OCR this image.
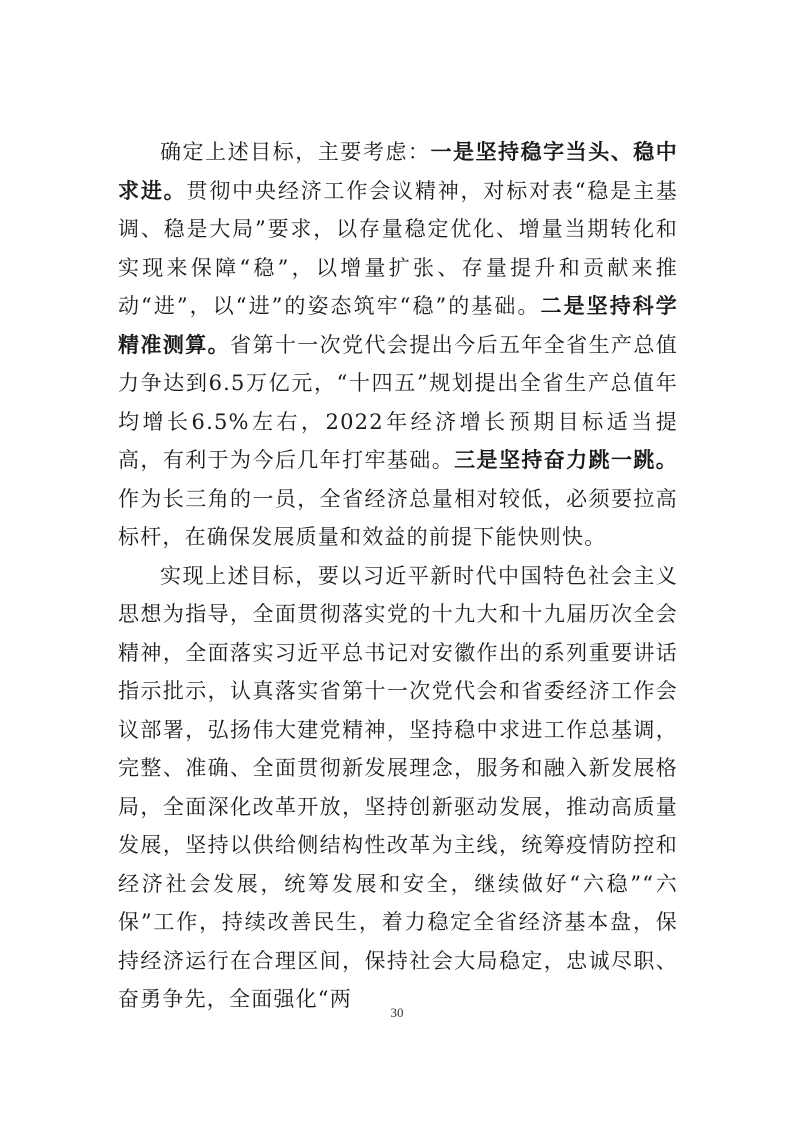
确定上述目标，主要考虑：一是坚持稳字当头、稳中求进。贯彻中央经济工作会议精神，对标对表“稳是主基调、稳是大局”要求，以存量稳定优化、增量当期转化和实现来保障“稳”，以增量扩张、存量提升和贡献来推动“进”，以“进”的姿态筑牢“稳”的基础。二是坚持科学精准测算。省第十一次党代会提出今后五年全省生产总值力争达到6.5万亿元，“十四五”规划提出全省生产总值年均增长6.5%左右，2022年经济增长预期目标适当提高，有利于为今后几年打牢基础。三是坚持奋力跳一跳。作为长三角的一员，全省经济总量相对较低，必须要拉高标杆，在确保发展质量和效益的前提下能快则快。

实现上述目标，要以习近平新时代中国特色社会主义思想为指导，全面贯彻落实党的十九大和十九届历次全会精神，全面落实习近平总书记对安徽作出的系列重要讲话指示批示，认真落实省第十一次党代会和省委经济工作会议部署，弘扬伟大建党精神，坚持稳中求进工作总基调，完整、准确、全面贯彻新发展理念，服务和融入新发展格局，全面深化改革开放，坚持创新驱动发展，推动高质量发展，坚持以供给侧结构性改革为主线，统筹疫情防控和经济社会发展，统筹发展和安全，继续做好“六稳”“六保”工作，持续改善民生，着力稳定全省经济基本盘，保持经济运行在合理区间，保持社会大局稳定，忠诚尽职、奋勇争先，全面强化“两

30
